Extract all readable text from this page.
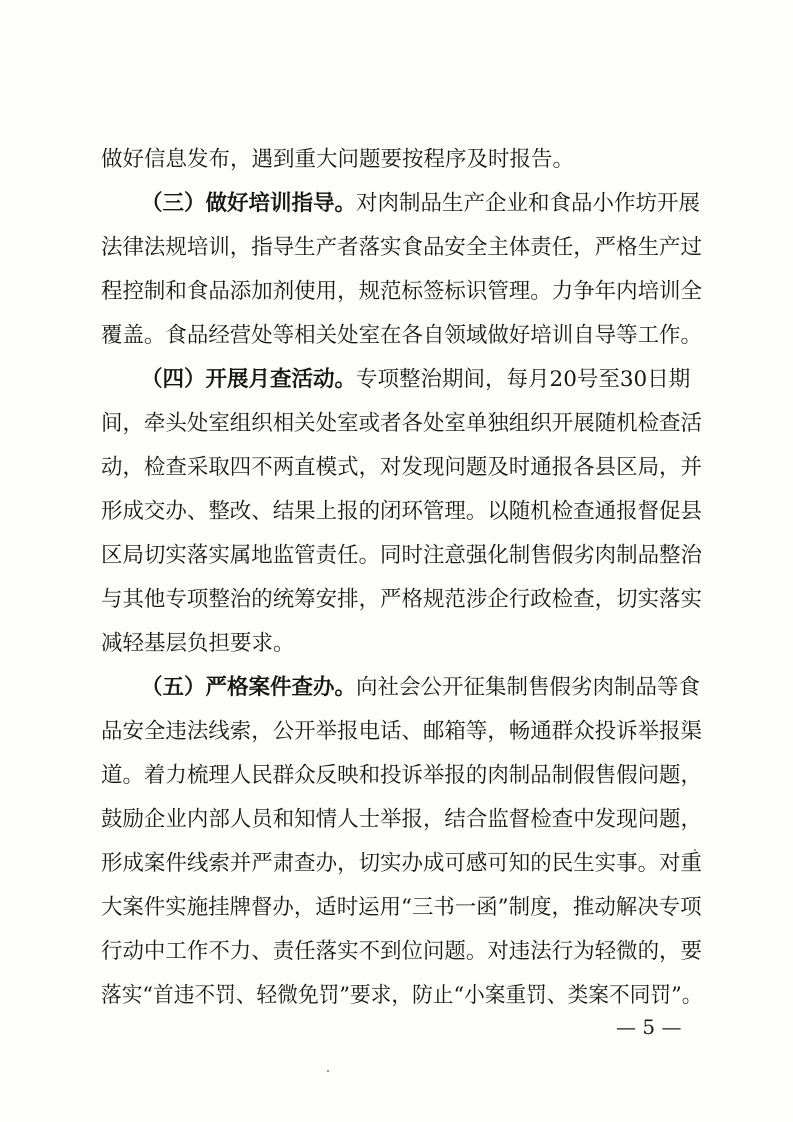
做好信息发布，遇到重大问题要按程序及时报告。
（三）做好培训指导。对肉制品生产企业和食品小作坊开展
法律法规培训，指导生产者落实食品安全主体责任，严格生产过
程控制和食品添加剂使用，规范标签标识管理。力争年内培训全
覆盖。食品经营处等相关处室在各自领域做好培训自导等工作。
（四）开展月查活动。专项整治期间，每月20号至30日期
间，牵头处室组织相关处室或者各处室单独组织开展随机检查活
动，检查采取四不两直模式，对发现问题及时通报各县区局，并
形成交办、整改、结果上报的闭环管理。以随机检查通报督促县
区局切实落实属地监管责任。同时注意强化制售假劣肉制品整治
与其他专项整治的统筹安排，严格规范涉企行政检查，切实落实
减轻基层负担要求。
（五）严格案件查办。向社会公开征集制售假劣肉制品等食
品安全违法线索，公开举报电话、邮箱等，畅通群众投诉举报渠
道。着力梳理人民群众反映和投诉举报的肉制品制假售假问题，
鼓励企业内部人员和知情人士举报，结合监督检查中发现问题，
形成案件线索并严肃查办，切实办成可感可知的民生实事。对重
大案件实施挂牌督办，适时运用“三书一函”制度，推动解决专项
行动中工作不力、责任落实不到位问题。对违法行为轻微的，要
落实“首违不罚、轻微免罚”要求，防止“小案重罚、类案不同罚”。
— 5 —
